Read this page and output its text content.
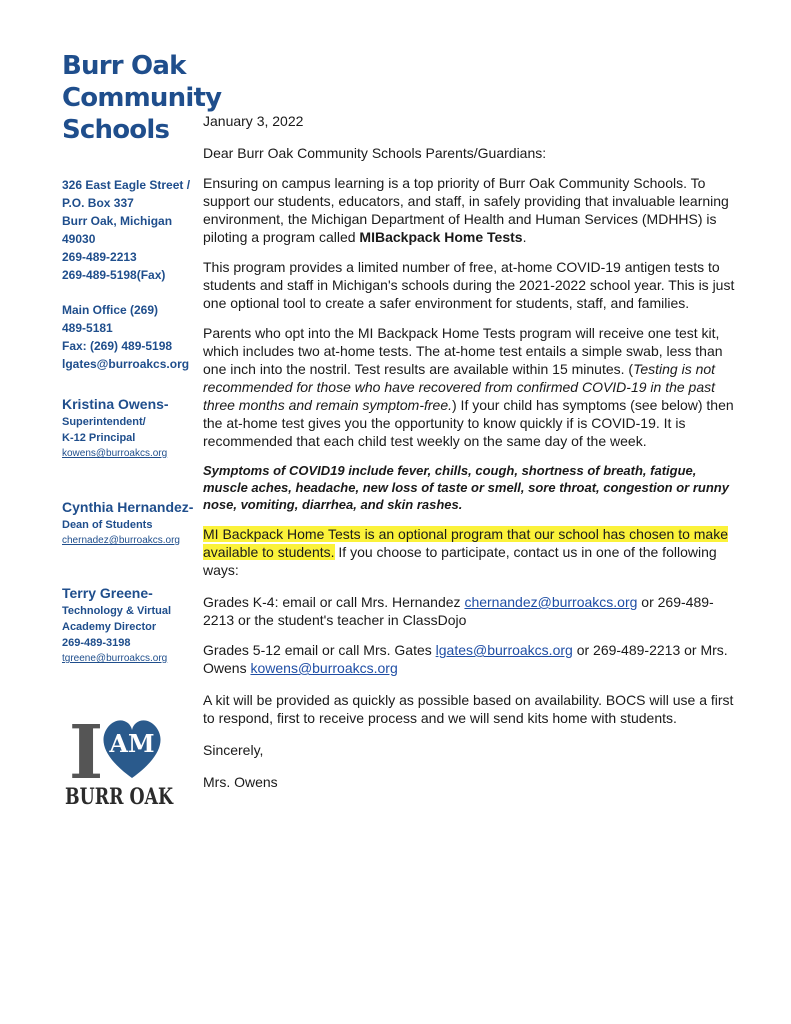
Burr Oak
Community
Schools
326 East Eagle Street /
P.O. Box 337
Burr Oak, Michigan
49030
269-489-2213
269-489-5198(Fax)
Main Office (269)
489-5181
Fax: (269) 489-5198
lgates@burroakcs.org
Kristina Owens-
Superintendent/
K-12 Principal
kowens@burroakcs.org
Cynthia Hernandez-
Dean of Students
chernadez@burroakcs.org
Terry Greene-
Technology & Virtual
Academy Director
269-489-3198
tgreene@burroakcs.org
I AM
BURR OAK

January 3, 2022

Dear Burr Oak Community Schools Parents/Guardians:

Ensuring on campus learning is a top priority of Burr Oak Community Schools. To support our students, educators, and staff, in safely providing that invaluable learning environment, the Michigan Department of Health and Human Services (MDHHS) is piloting a program called MIBackpack Home Tests.

This program provides a limited number of free, at-home COVID-19 antigen tests to students and staff in Michigan's schools during the 2021-2022 school year. This is just one optional tool to create a safer environment for students, staff, and families.

Parents who opt into the MI Backpack Home Tests program will receive one test kit, which includes two at-home tests. The at-home test entails a simple swab, less than one inch into the nostril. Test results are available within 15 minutes. (Testing is not recommended for those who have recovered from confirmed COVID-19 in the past three months and remain symptom-free.) If your child has symptoms (see below) then the at-home test gives you the opportunity to know quickly if is COVID-19. It is recommended that each child test weekly on the same day of the week.

Symptoms of COVID19 include fever, chills, cough, shortness of breath, fatigue, muscle aches, headache, new loss of taste or smell, sore throat, congestion or runny nose, vomiting, diarrhea, and skin rashes.

MI Backpack Home Tests is an optional program that our school has chosen to make available to students. If you choose to participate, contact us in one of the following ways:

Grades K-4: email or call Mrs. Hernandez chernandez@burroakcs.org or 269-489-2213 or the student's teacher in ClassDojo

Grades 5-12 email or call Mrs. Gates lgates@burroakcs.org or 269-489-2213 or Mrs. Owens kowens@burroakcs.org

A kit will be provided as quickly as possible based on availability. BOCS will use a first to respond, first to receive process and we will send kits home with students.

Sincerely,

Mrs. Owens
